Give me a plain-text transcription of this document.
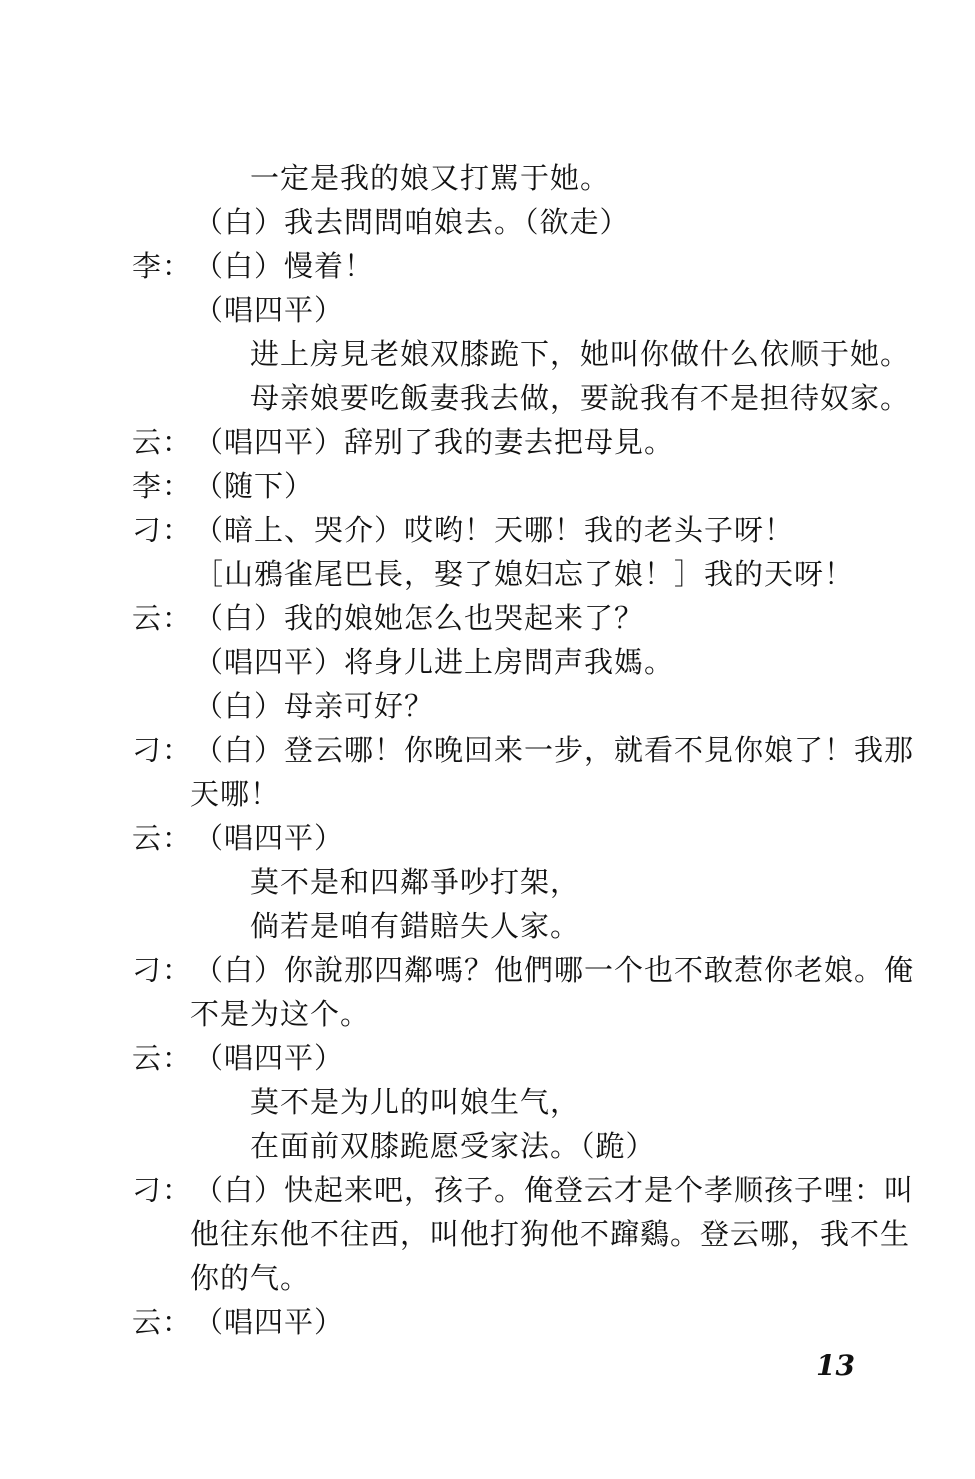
一定是我的娘又打駡于她。
（白）我去問問咱娘去。（欲走）
李： （白）慢着！
（唱四平）
进上房見老娘双膝跪下，她叫你做什么依顺于她。
母亲娘要吃飯妻我去做，要說我有不是担待奴家。
云： （唱四平）辞别了我的妻去把母見。
李： （随下）
刁： （暗上、哭介）哎哟！天哪！我的老头子呀！
［山鴉雀尾巴長，娶了媳妇忘了娘！］我的天呀！
云： （白）我的娘她怎么也哭起来了？
（唱四平）将身儿进上房問声我媽。
（白）母亲可好？
刁： （白）登云哪！你晚回来一步，就看不見你娘了！我那
天哪！
云： （唱四平）
莫不是和四鄰爭吵打架，
倘若是咱有錯賠失人家。
刁： （白）你說那四鄰嗎？他們哪一个也不敢惹你老娘。俺
不是为这个。
云： （唱四平）
莫不是为儿的叫娘生气，
在面前双膝跪愿受家法。（跪）
刁： （白）快起来吧，孩子。俺登云才是个孝顺孩子哩：叫
他往东他不往西，叫他打狗他不蹿鷄。登云哪，我不生
你的气。
云： （唱四平）
13
